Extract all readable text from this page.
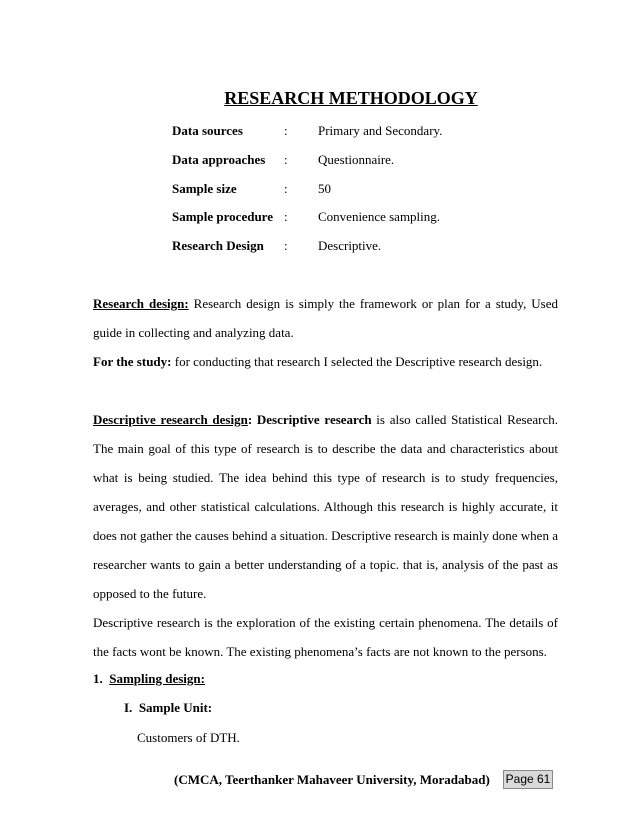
RESEARCH METHODOLOGY
Data sources	: Primary and Secondary.
Data approaches : Questionnaire.
Sample size	: 50
Sample procedure : Convenience sampling.
Research Design : Descriptive.

Research design: Research design is simply the framework or plan for a study, Used guide in collecting and analyzing data.

For the study: for conducting that research I selected the Descriptive research design.

Descriptive research design: Descriptive research is also called Statistical Research. The main goal of this type of research is to describe the data and characteristics about what is being studied. The idea behind this type of research is to study frequencies, averages, and other statistical calculations. Although this research is highly accurate, it does not gather the causes behind a situation. Descriptive research is mainly done when a researcher wants to gain a better understanding of a topic. that is, analysis of the past as opposed to the future.

Descriptive research is the exploration of the existing certain phenomena. The details of the facts wont be known. The existing phenomena’s facts are not known to the persons.

1. Sampling design:
I. Sample Unit:
Customers of DTH.
(CMCA, Teerthanker Mahaveer University, Moradabad) Page 61
